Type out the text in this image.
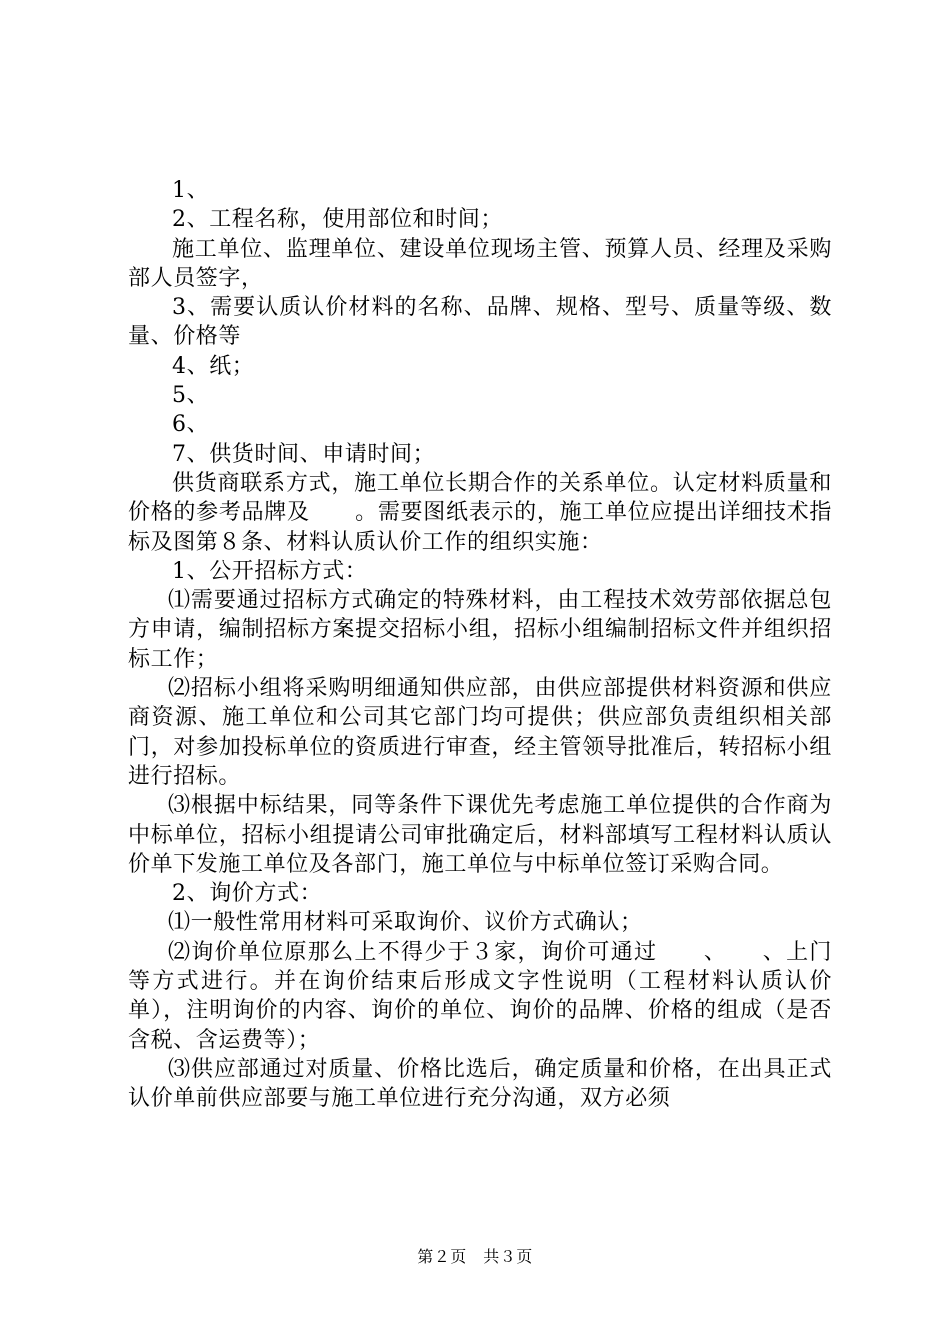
1、

2、工程名称，使用部位和时间；

施工单位、监理单位、建设单位现场主管、预算人员、经理及采购部人员签字，

3、需要认质认价材料的名称、品牌、规格、型号、质量等级、数量、价格等

4、纸；

5、

6、

7、供货时间、申请时间；

供货商联系方式，施工单位长期合作的关系单位。认定材料质量和价格的参考品牌及　　。需要图纸表示的，施工单位应提出详细技术指标及图第８条、材料认质认价工作的组织实施：

1、公开招标方式：

⑴需要通过招标方式确定的特殊材料，由工程技术效劳部依据总包方申请，编制招标方案提交招标小组，招标小组编制招标文件并组织招标工作；

⑵招标小组将采购明细通知供应部，由供应部提供材料资源和供应商资源、施工单位和公司其它部门均可提供；供应部负责组织相关部门，对参加投标单位的资质进行审查，经主管领导批准后，转招标小组进行招标。

⑶根据中标结果，同等条件下课优先考虑施工单位提供的合作商为中标单位，招标小组提请公司审批确定后，材料部填写工程材料认质认价单下发施工单位及各部门，施工单位与中标单位签订采购合同。

2、询价方式：

⑴一般性常用材料可采取询价、议价方式确认；

⑵询价单位原那么上不得少于３家，询价可通过　　、　　、上门等方式进行。并在询价结束后形成文字性说明（工程材料认质认价单），注明询价的内容、询价的单位、询价的品牌、价格的组成（是否含税、含运费等）；

⑶供应部通过对质量、价格比选后，确定质量和价格，在出具正式认价单前供应部要与施工单位进行充分沟通，双方必须

第２页　共３页
